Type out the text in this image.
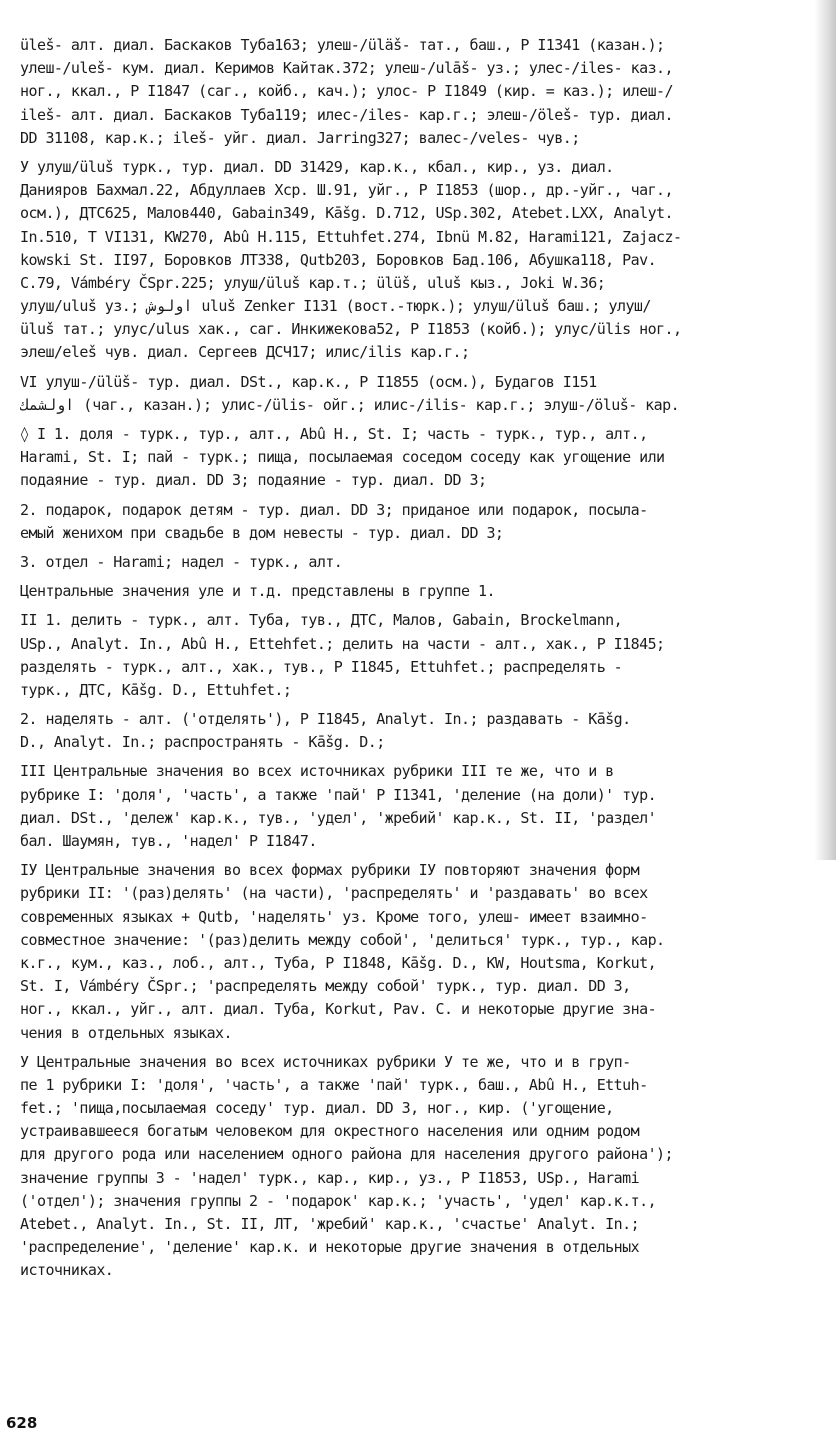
üleš- алт. диал. Баскаков Туба163; улеш-/üläš- тат., баш., Р I1341 (казан.);
улеш-/uleš- кум. диал. Керимов Кайтак.372; улеш-/ulāš- уз.; улес-/iles- каз.,
ног., ккал., Р I1847 (саг., койб., кач.); улос- Р I1849 (кир. = каз.); илеш-/
ileš- алт. диал. Баскаков Туба119; илес-/iles- кар.г.; элеш-/öleš- тур. диал.
DD 31108, кар.к.; ileš- уйг. диал. Jarring327; валес-/veles- чув.;
У улуш/üluš турк., тур. диал. DD 31429, кар.к., кбал., кир., уз. диал.
Данияров Бахмал.22, Абдуллаев Хср. Ш.91, уйг., Р I1853 (шор., др.-уйг., чаг.,
осм.), ДТС625, Малов440, Gabain349, Kāšg. D.712, USp.302, Atebet.LXX, Analyt.
In.510, T VI131, KW270, Abû H.115, Ettuhfet.274, Ibnü M.82, Harami121, Zajacz-
kowski St. II97, Боровков ЛТ338, Qutb203, Боровков Бад.106, Абушка118, Pav.
C.79, Vámbéry ČSpr.225; улуш/üluš кар.т.; ülüš, uluš кыз., Joki W.36;
улуш/uluš уз.; اولوش uluš Zenker I131 (вост.-тюрк.); улуш/üluš баш.; улуш/
üluš тат.; улус/ulus хак., саг. Инкижекова52, Р I1853 (койб.); улус/ülis ног.,
элеш/eleš чув. диал. Сергеев ДСЧ17; илис/ilis кар.г.;
VI улуш-/ülüš- тур. диал. DSt., кар.к., Р I1855 (осм.), Будагов I151
اولشمك (чаг., казан.); улис-/ülis- ойг.; илис-/ilis- кар.г.; элуш-/öluš- кар.
◊ I 1. доля - турк., тур., алт., Abû H., St. I; часть - турк., тур., алт.,
Harami, St. I; пай - турк.; пища, посылаемая соседом соседу как угощение или
подаяние - тур. диал. DD 3; подаяние - тур. диал. DD 3;
2. подарок, подарок детям - тур. диал. DD 3; приданое или подарок, посыла-
емый женихом при свадьбе в дом невесты - тур. диал. DD 3;
3. отдел - Harami; надел - турк., алт.
Центральные значения уле и т.д. представлены в группе 1.
II 1. делить - турк., алт. Туба, тув., ДТС, Малов, Gabain, Brockelmann,
USp., Analyt. In., Abû H., Ettehfet.; делить на части - алт., хак., Р I1845;
разделять - турк., алт., хак., тув., Р I1845, Ettuhfet.; распределять -
турк., ДТС, Kāšg. D., Ettuhfet.;
2. наделять - алт. ('отделять'), Р I1845, Analyt. In.; раздавать - Kāšg.
D., Analyt. In.; распространять - Kāšg. D.;
III Центральные значения во всех источниках рубрики III те же, что и в
рубрике I: 'доля', 'часть', а также 'пай' Р I1341, 'деление (на доли)' тур.
диал. DSt., 'дележ' кар.к., тув., 'удел', 'жребий' кар.к., St. II, 'раздел'
бал. Шаумян, тув., 'надел' Р I1847.
IУ Центральные значения во всех формах рубрики IУ повторяют значения форм
рубрики II: '(раз)делять' (на части), 'распределять' и 'раздавать' во всех
современных языках + Qutb, 'наделять' уз. Кроме того, улеш- имеет взаимно-
совместное значение: '(раз)делить между собой', 'делиться' турк., тур., кар.
к.г., кум., каз., лоб., алт., Туба, Р I1848, Kāšg. D., KW, Houtsma, Korkut,
St. I, Vámbéry ČSpr.; 'распределять между собой' турк., тур. диал. DD 3,
ног., ккал., уйг., алт. диал. Туба, Korkut, Pav. C. и некоторые другие зна-
чения в отдельных языках.
У Центральные значения во всех источниках рубрики У те же, что и в груп-
пе 1 рубрики I: 'доля', 'часть', а также 'пай' турк., баш., Abû H., Ettuh-
fet.; 'пища,посылаемая соседу' тур. диал. DD 3, ног., кир. ('угощение,
устраивавшееся богатым человеком для окрестного населения или одним родом
для другого рода или населением одного района для населения другого района');
значение группы 3 - 'надел' турк., кар., кир., уз., Р I1853, USp., Harami
('отдел'); значения группы 2 - 'подарок' кар.к.; 'участь', 'удел' кар.к.т.,
Atebet., Analyt. In., St. II, ЛТ, 'жребий' кар.к., 'счастье' Analyt. In.;
'распределение', 'деление' кар.к. и некоторые другие значения в отдельных
источниках.
628
